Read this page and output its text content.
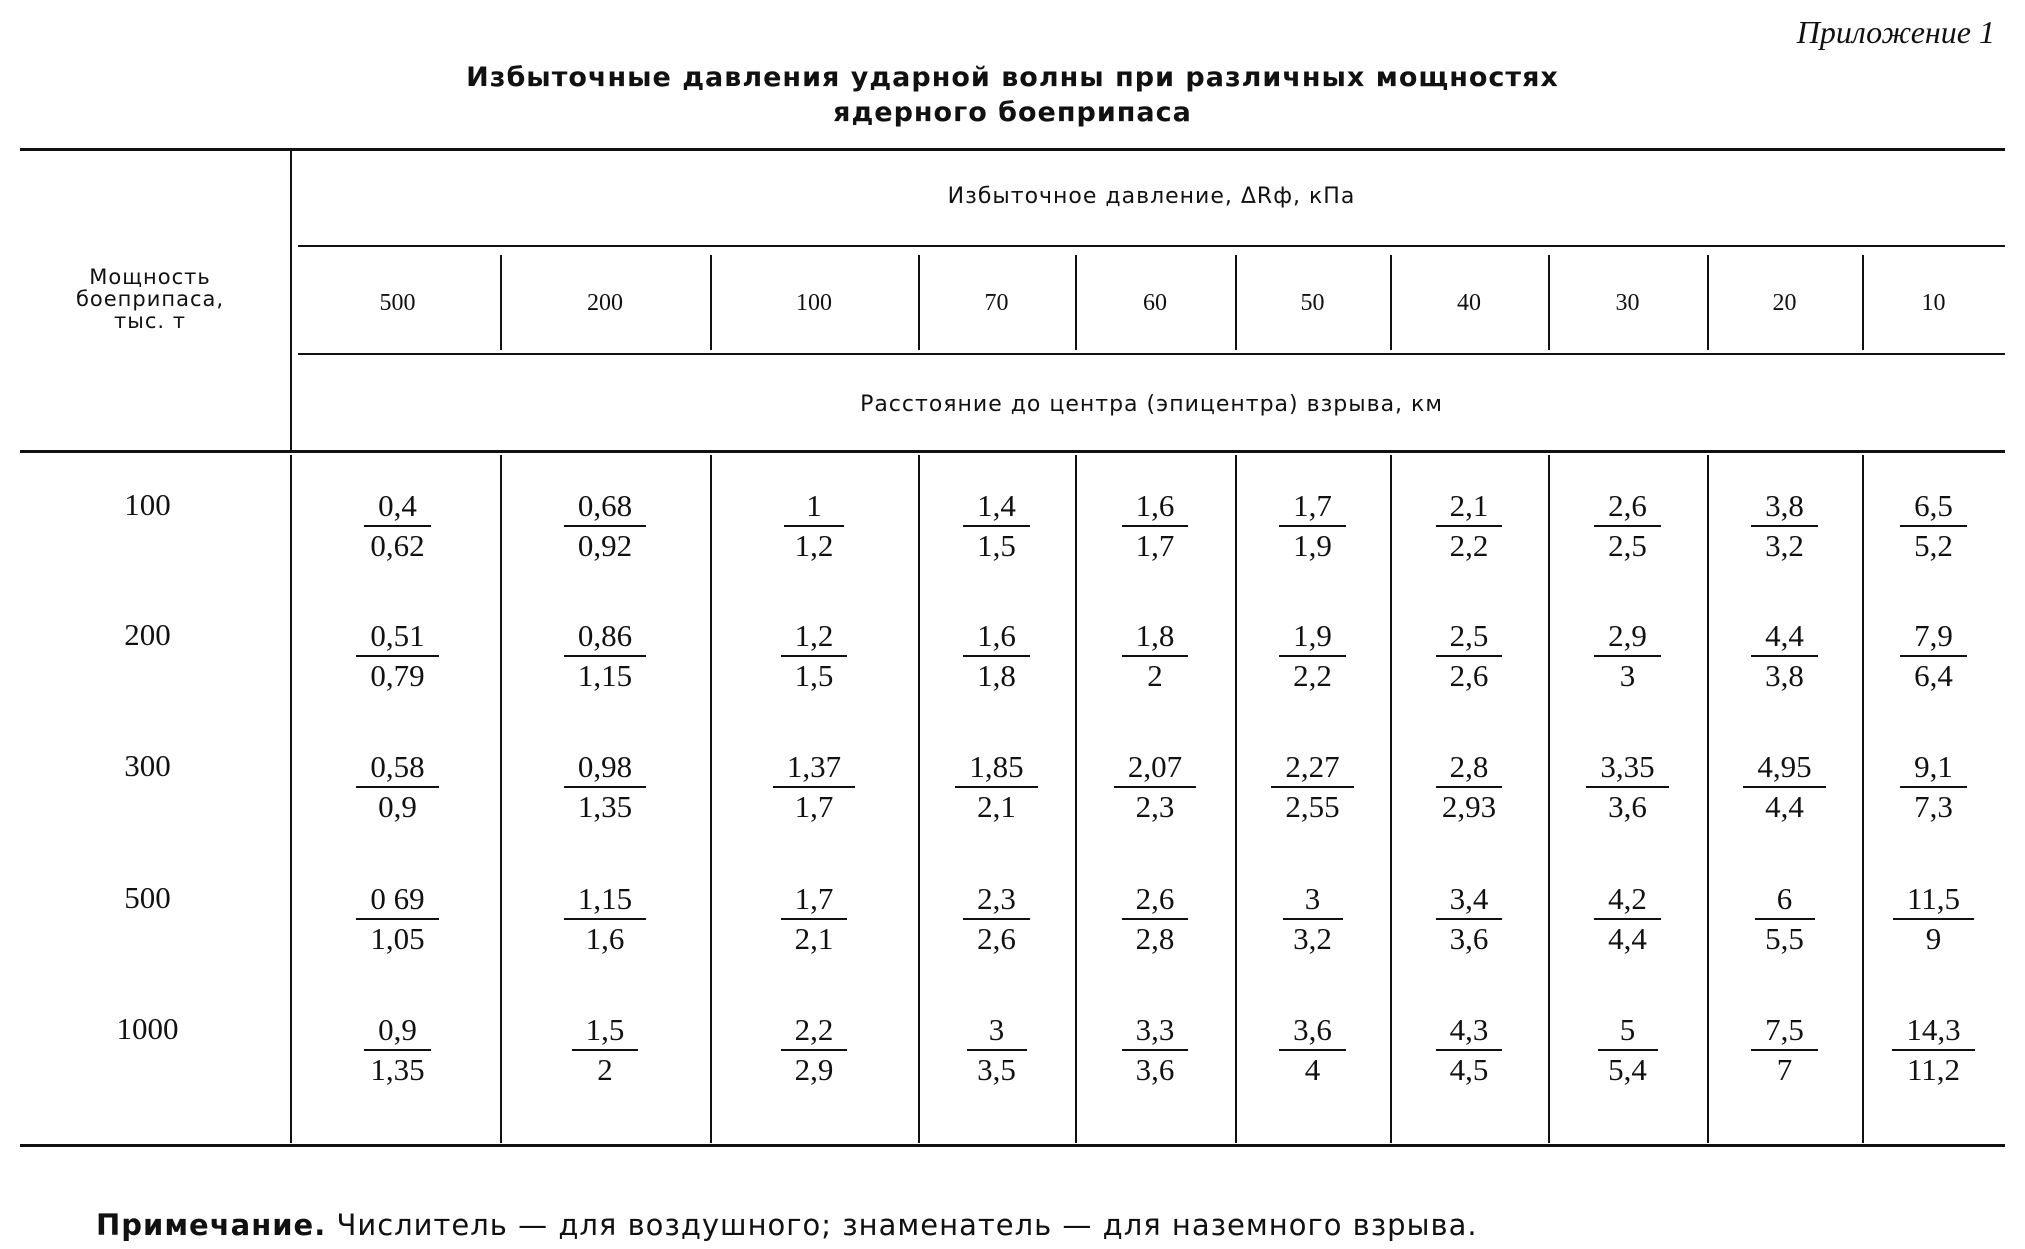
Приложение 1
Избыточные давления ударной волны при различных мощностях
ядерного боеприпаса
Мощность
боеприпаса,
тыс. т
Избыточное давление, ΔRф, кПа
Расстояние до центра (эпицентра) взрыва, км
500	200	100	70	60	50	40	30	20	10
100	$\frac{0,4}{0,62}$	$\frac{0,68}{0,92}$	$\frac{1}{1,2} \frac{1,4}{1,5} \frac{1,6}{1,7} \frac{1,7}{1,9} \frac{2,1}{2,2} \frac{2,6}{2,5} \frac{3,8}{3,2} \frac{6,5}{5,2}$
200	$\frac{0,51}{0,79}$	$\frac{0,86}{1,15}$	$\frac{1,2}{1,5} \frac{1,6}{1,8} \frac{1,8}{2} \frac{1,9}{2,2} \frac{2,5}{2,6} \frac{2,9}{3} \frac{4,4}{3,8} \frac{7,9}{6,4}$
300	$\frac{0,58}{0,9}$	$\frac{0,98}{1,35}$	$\frac{1,37}{1,7} \frac{1,85}{2,1} \frac{2,07}{2,3} \frac{2,27}{2,55} \frac{2,8}{2,93} \frac{3,35}{3,6} \frac{4,95}{4,4} \frac{9,1}{7,3}$
500	$\frac{0 69}{1,05}$	$\frac{1,15}{1,6}$	$\frac{1,7}{2,1} \frac{2,3}{2,6} \frac{2,6}{2,8} \frac{3}{3,2} \frac{3,4}{3,6} \frac{4,2}{4,4} \frac{6}{5,5} \frac{11,5}{9}$
1000	$\frac{0,9}{1,35}$	$\frac{1,5}{2}$	$\frac{2,2}{2,9} \frac{3}{3,5} \frac{3,3}{3,6} \frac{3,6}{4} \frac{4,3}{4,5} \frac{5}{5,4} \frac{7,5}{7} \frac{14,3}{11,2}$
Примечание. Числитель — для воздушного; знаменатель — для наземного взрыва.
